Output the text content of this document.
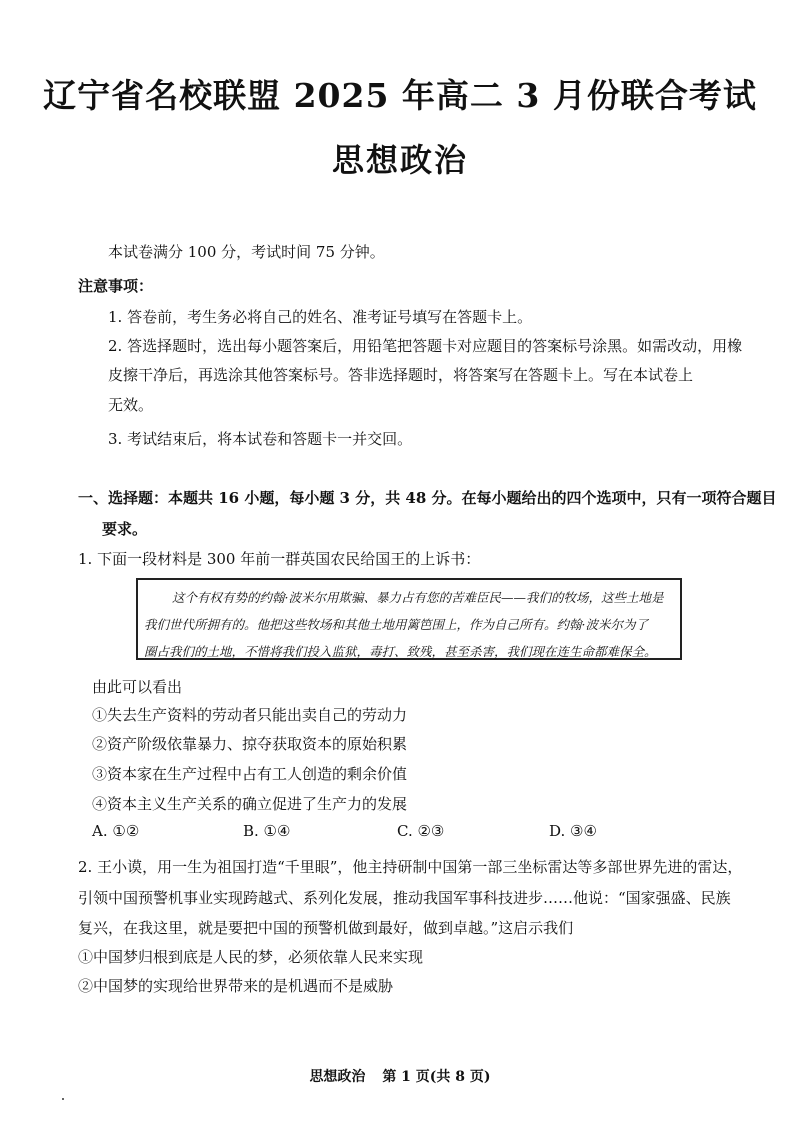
辽宁省名校联盟 2025 年高二 3 月份联合考试
思想政治
本试卷满分 100 分，考试时间 75 分钟。
注意事项：
1. 答卷前，考生务必将自己的姓名、准考证号填写在答题卡上。
2. 答选择题时，选出每小题答案后，用铅笔把答题卡对应题目的答案标号涂黑。如需改动，用橡
皮擦干净后，再选涂其他答案标号。答非选择题时，将答案写在答题卡上。写在本试卷上
无效。
3. 考试结束后，将本试卷和答题卡一并交回。
一、选择题：本题共 16 小题，每小题 3 分，共 48 分。在每小题给出的四个选项中，只有一项符合题目
要求。
1. 下面一段材料是 300 年前一群英国农民给国王的上诉书：
这个有权有势的约翰·波米尔用欺骗、暴力占有您的苦难臣民——我们的牧场，这些土地是
我们世代所拥有的。他把这些牧场和其他土地用篱笆围上，作为自己所有。约翰·波米尔为了
圈占我们的土地，不惜将我们投入监狱，毒打、致残，甚至杀害，我们现在连生命都难保全。
由此可以看出
①失去生产资料的劳动者只能出卖自己的劳动力
②资产阶级依靠暴力、掠夺获取资本的原始积累
③资本家在生产过程中占有工人创造的剩余价值
④资本主义生产关系的确立促进了生产力的发展
A. ①②	B. ①④	C. ②③	D. ③④
2. 王小谟，用一生为祖国打造“千里眼”，他主持研制中国第一部三坐标雷达等多部世界先进的雷达，
引领中国预警机事业实现跨越式、系列化发展，推动我国军事科技进步……他说：“国家强盛、民族
复兴，在我这里，就是要把中国的预警机做到最好，做到卓越。”这启示我们
①中国梦归根到底是人民的梦，必须依靠人民来实现
②中国梦的实现给世界带来的是机遇而不是威胁
思想政治 第 1 页(共 8 页)
